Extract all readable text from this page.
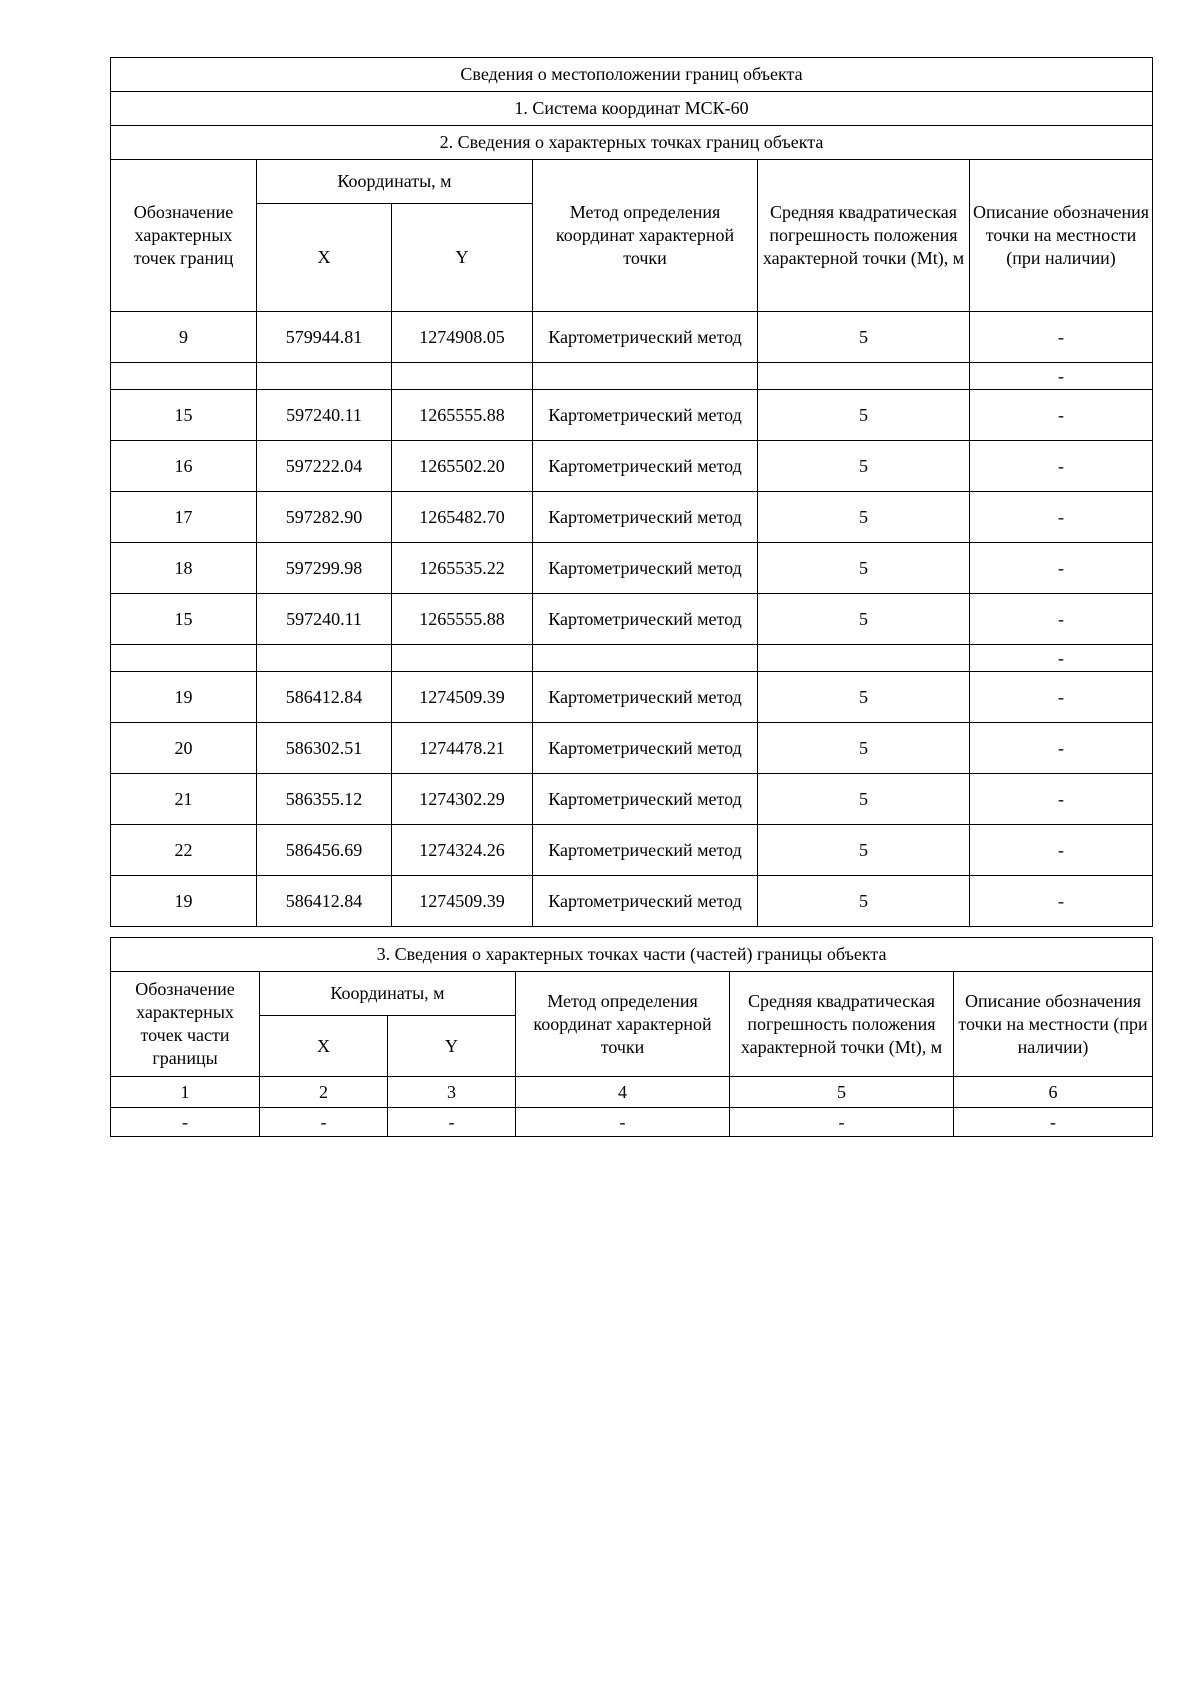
Сведения о местоположении границ объекта					
1. Система координат МСК-60					
2. Сведения о характерных точках границ объекта					
Обозначение характерных точек границ	Координаты, м		Метод определения координат характерной точки	Средняя квадратическая погрешность положения характерной точки (Mt), м	Описание обозначения точки на местности (при наличии)
	X	Y			
9	579944.81	1274908.05	Картометрический метод	5	-
					-
15	597240.11	1265555.88	Картометрический метод	5	-
16	597222.04	1265502.20	Картометрический метод	5	-
17	597282.90	1265482.70	Картометрический метод	5	-
18	597299.98	1265535.22	Картометрический метод	5	-
15	597240.11	1265555.88	Картометрический метод	5	-
					-
19	586412.84	1274509.39	Картометрический метод	5	-
20	586302.51	1274478.21	Картометрический метод	5	-
21	586355.12	1274302.29	Картометрический метод	5	-
22	586456.69	1274324.26	Картометрический метод	5	-
19	586412.84	1274509.39	Картометрический метод	5	-
3. Сведения о характерных точках части (частей) границы объекта					
Обозначение характерных точек части границы	Координаты, м		Метод определения координат характерной точки	Средняя квадратическая погрешность положения характерной точки (Mt), м	Описание обозначения точки на местности (при наличии)
	X	Y			
1	2	3	4	5	6
-	-	-	-	-	-
